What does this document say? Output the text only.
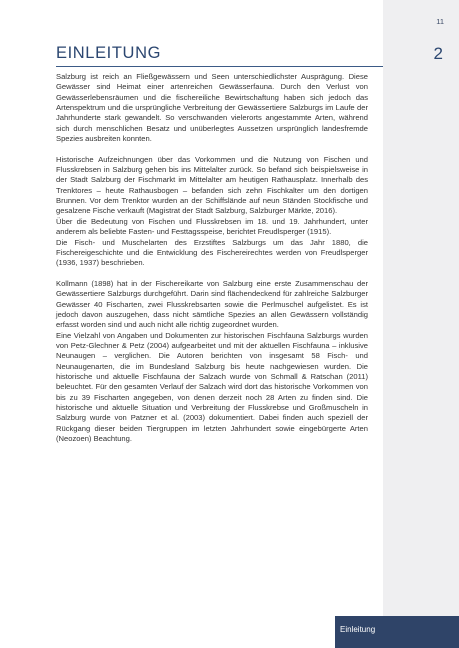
11
2
EINLEITUNG

Salzburg ist reich an Fließgewässern und Seen unterschiedlichster Ausprägung. Diese Gewässer sind Heimat einer artenreichen Gewässerfauna. Durch den Verlust von Gewässerlebensräumen und die fischereiliche Bewirtschaftung haben sich jedoch das Artenspektrum und die ursprüngliche Verbreitung der Gewässertiere Salzburgs im Laufe der Jahrhunderte stark gewandelt. So verschwanden vielerorts angestammte Arten, während sich durch menschlichen Besatz und unüberlegtes Aussetzen ursprünglich landesfremde Spezies ausbreiten konnten.

Historische Aufzeichnungen über das Vorkommen und die Nutzung von Fischen und Flusskrebsen in Salzburg gehen bis ins Mittelalter zurück. So befand sich beispielsweise in der Stadt Salzburg der Fischmarkt im Mittelalter am heutigen Rathausplatz. Innerhalb des Trenktores – heute Rathausbogen – befanden sich zehn Fischkalter um den dortigen Brunnen. Vor dem Trenktor wurden an der Schiffslände auf neun Ständen Stockfische und gesalzene Fische verkauft (Magistrat der Stadt Salzburg, Salzburger Märkte, 2016).

Über die Bedeutung von Fischen und Flusskrebsen im 18. und 19. Jahrhundert, unter anderem als beliebte Fasten- und Festtagsspeise, berichtet Freudlsperger (1915).

Die Fisch- und Muschelarten des Erzstiftes Salzburgs um das Jahr 1880, die Fischereigeschichte und die Entwicklung des Fischereirechtes werden von Freudlsperger (1936, 1937) beschrieben.

Kollmann (1898) hat in der Fischereikarte von Salzburg eine erste Zusammenschau der Gewässertiere Salzburgs durchgeführt. Darin sind flächendeckend für zahlreiche Salzburger Gewässer 40 Fischarten, zwei Flusskrebsarten sowie die Perlmuschel aufgelistet. Es ist jedoch davon auszugehen, dass nicht sämtliche Spezies an allen Gewässern vollständig erfasst worden sind und auch nicht alle richtig zugeordnet wurden.

Eine Vielzahl von Angaben und Dokumenten zur historischen Fischfauna Salzburgs wurden von Petz-Glechner & Petz (2004) aufgearbeitet und mit der aktuellen Fischfauna – inklusive Neunaugen – verglichen. Die Autoren berichten von insgesamt 58 Fisch- und Neunaugenarten, die im Bundesland Salzburg bis heute nachgewiesen wurden. Die historische und aktuelle Fischfauna der Salzach wurde von Schmall & Ratschan (2011) beleuchtet. Für den gesamten Verlauf der Salzach wird dort das historische Vorkommen von bis zu 39 Fischarten angegeben, von denen derzeit noch 28 Arten zu finden sind. Die historische und aktuelle Situation und Verbreitung der Flusskrebse und Großmuscheln in Salzburg wurde von Patzner et al. (2003) dokumentiert. Dabei finden auch speziell der Rückgang dieser beiden Tiergruppen im letzten Jahrhundert sowie eingebürgerte Arten (Neozoen) Beachtung.

Einleitung
